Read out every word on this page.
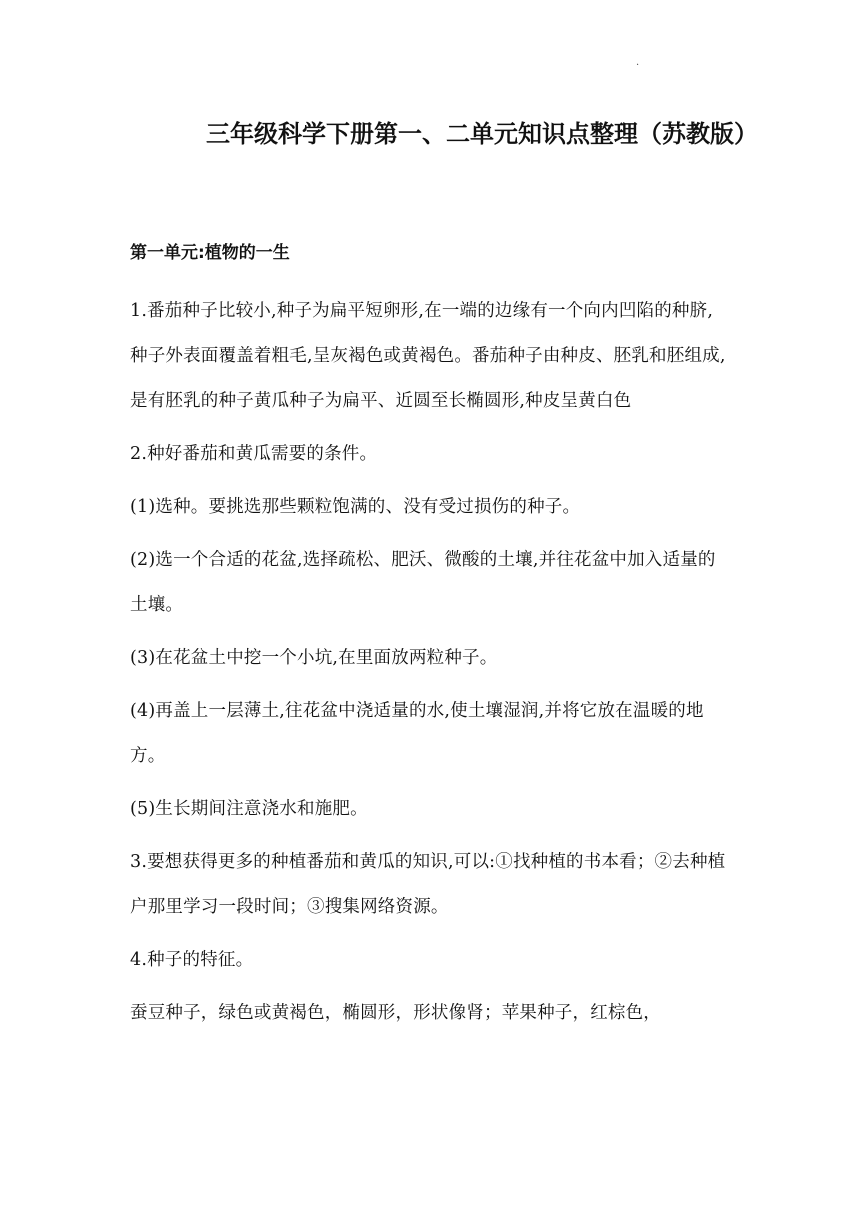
·
三年级科学下册第一、二单元知识点整理（苏教版）
第一单元:植物的一生

1.番茄种子比较小,种子为扁平短卵形,在一端的边缘有一个向内凹陷的种脐,种子外表面覆盖着粗毛,呈灰褐色或黄褐色。番茄种子由种皮、胚乳和胚组成,是有胚乳的种子黄瓜种子为扁平、近圆至长椭圆形,种皮呈黄白色

2.种好番茄和黄瓜需要的条件。

(1)选种。要挑选那些颗粒饱满的、没有受过损伤的种子。

(2)选一个合适的花盆,选择疏松、肥沃、微酸的土壤,并往花盆中加入适量的土壤。

(3)在花盆土中挖一个小坑,在里面放两粒种子。

(4)再盖上一层薄土,往花盆中浇适量的水,使土壤湿润,并将它放在温暖的地方。

(5)生长期间注意浇水和施肥。

3.要想获得更多的种植番茄和黄瓜的知识,可以:①找种植的书本看；②去种植户那里学习一段时间；③搜集网络资源。

4.种子的特征。

蚕豆种子，绿色或黄褐色，椭圆形，形状像肾；苹果种子，红棕色，
